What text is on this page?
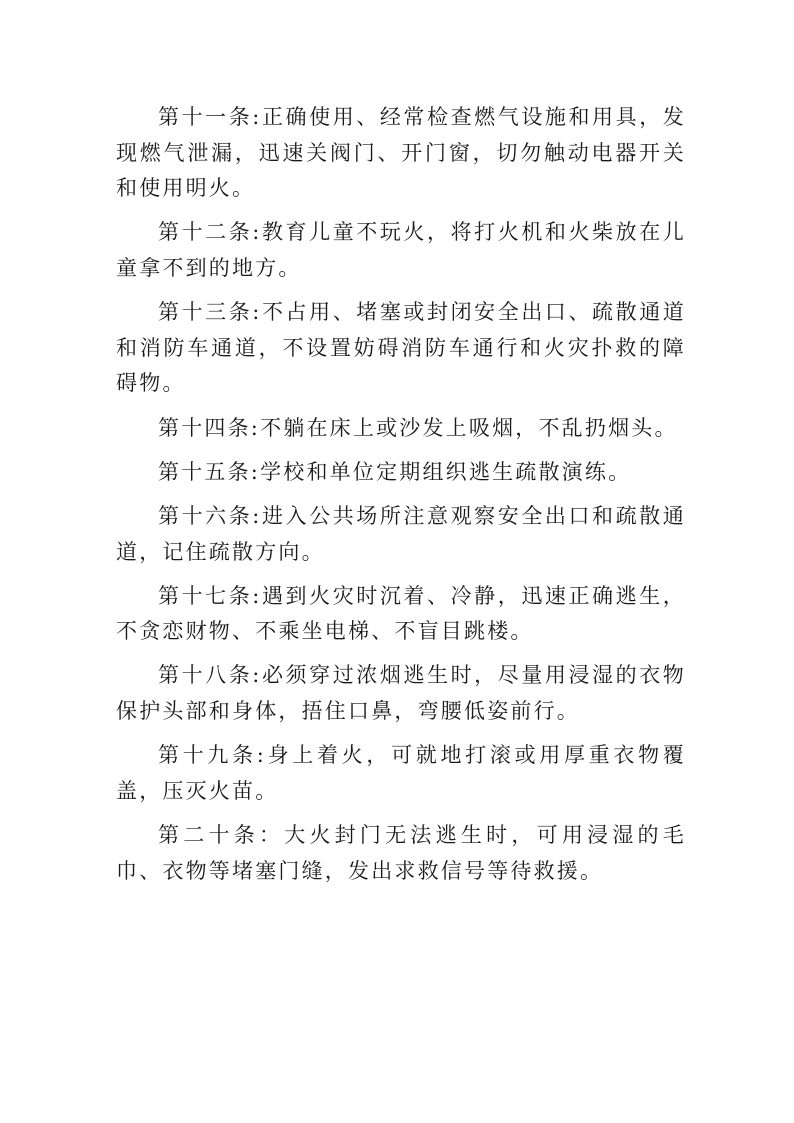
第十一条:正确使用、经常检查燃气设施和用具，发现燃气泄漏，迅速关阀门、开门窗，切勿触动电器开关和使用明火。

第十二条:教育儿童不玩火，将打火机和火柴放在儿童拿不到的地方。

第十三条:不占用、堵塞或封闭安全出口、疏散通道和消防车通道，不设置妨碍消防车通行和火灾扑救的障碍物。

第十四条:不躺在床上或沙发上吸烟，不乱扔烟头。

第十五条:学校和单位定期组织逃生疏散演练。

第十六条:进入公共场所注意观察安全出口和疏散通道，记住疏散方向。

第十七条:遇到火灾时沉着、冷静，迅速正确逃生，不贪恋财物、不乘坐电梯、不盲目跳楼。

第十八条:必须穿过浓烟逃生时，尽量用浸湿的衣物保护头部和身体，捂住口鼻，弯腰低姿前行。

第十九条:身上着火，可就地打滚或用厚重衣物覆盖，压灭火苗。

第二十条：大火封门无法逃生时，可用浸湿的毛巾、衣物等堵塞门缝，发出求救信号等待救援。
